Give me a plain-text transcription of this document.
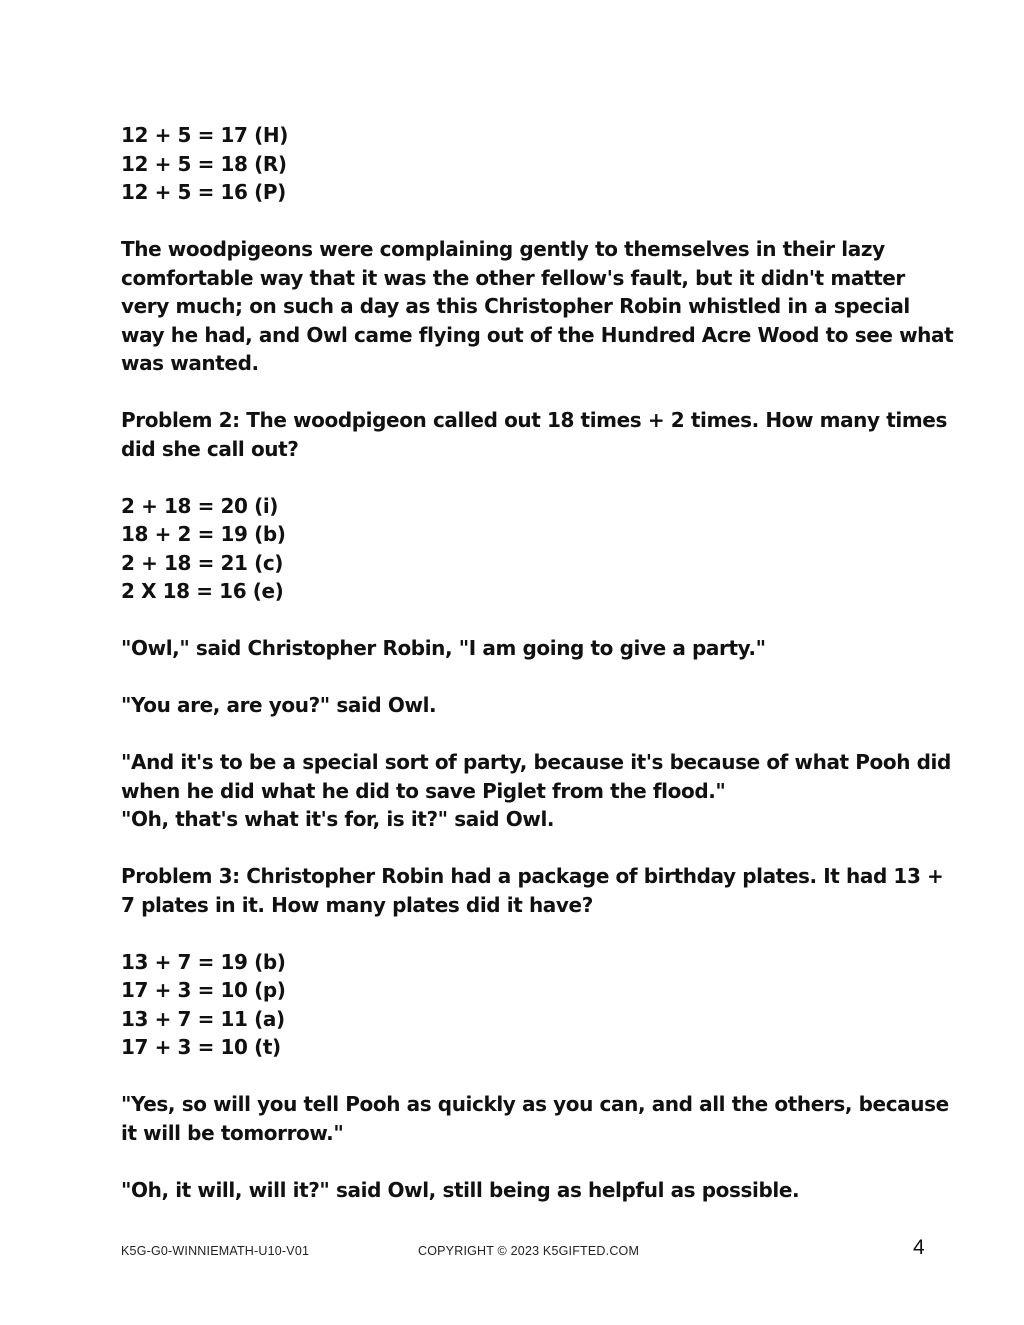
12 + 5 = 17 (H)
12 + 5 = 18 (R)
12 + 5 = 16 (P)
The woodpigeons were complaining gently to themselves in their lazy
comfortable way that it was the other fellow's fault, but it didn't matter
very much; on such a day as this Christopher Robin whistled in a special
way he had, and Owl came flying out of the Hundred Acre Wood to see what
was wanted.
Problem 2: The woodpigeon called out 18 times + 2 times. How many times
did she call out?
2 + 18 = 20 (i)
18 + 2 = 19 (b)
2 + 18 = 21 (c)
2 X 18 = 16 (e)
"Owl," said Christopher Robin, "I am going to give a party."
"You are, are you?" said Owl.
"And it's to be a special sort of party, because it's because of what Pooh did
when he did what he did to save Piglet from the flood."
"Oh, that's what it's for, is it?" said Owl.
Problem 3: Christopher Robin had a package of birthday plates. It had 13 +
7 plates in it. How many plates did it have?
13 + 7 = 19 (b)
17 + 3 = 10 (p)
13 + 7 = 11 (a)
17 + 3 = 10 (t)
"Yes, so will you tell Pooh as quickly as you can, and all the others, because
it will be tomorrow."
"Oh, it will, will it?" said Owl, still being as helpful as possible.
K5G-G0-WINNIEMATH-U10-V01	COPYRIGHT © 2023 K5GIFTED.COM	4
